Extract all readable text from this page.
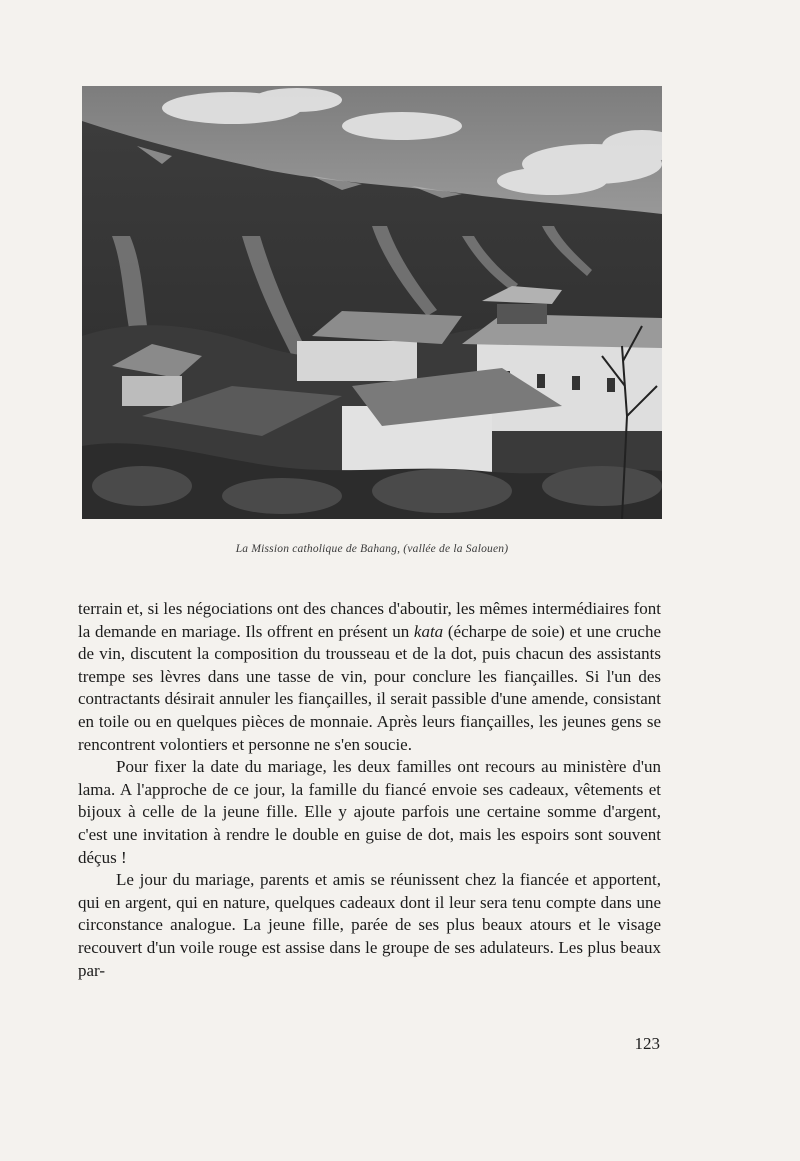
La Mission catholique de Bahang, (vallée de la Salouen)

terrain et, si les négociations ont des chances d'aboutir, les mêmes intermédiaires font la demande en mariage. Ils offrent en présent un kata (écharpe de soie) et une cruche de vin, discutent la composition du trousseau et de la dot, puis chacun des assistants trempe ses lèvres dans une tasse de vin, pour conclure les fiançailles. Si l'un des contractants désirait annuler les fiançailles, il serait passible d'une amende, consistant en toile ou en quelques pièces de monnaie. Après leurs fiançailles, les jeunes gens se rencontrent volontiers et personne ne s'en soucie.

Pour fixer la date du mariage, les deux familles ont recours au ministère d'un lama. A l'approche de ce jour, la famille du fiancé envoie ses cadeaux, vêtements et bijoux à celle de la jeune fille. Elle y ajoute parfois une certaine somme d'argent, c'est une invitation à rendre le double en guise de dot, mais les espoirs sont souvent déçus !

Le jour du mariage, parents et amis se réunissent chez la fiancée et apportent, qui en argent, qui en nature, quelques cadeaux dont il leur sera tenu compte dans une circonstance analogue. La jeune fille, parée de ses plus beaux atours et le visage recouvert d'un voile rouge est assise dans le groupe de ses adulateurs. Les plus beaux par-

123
